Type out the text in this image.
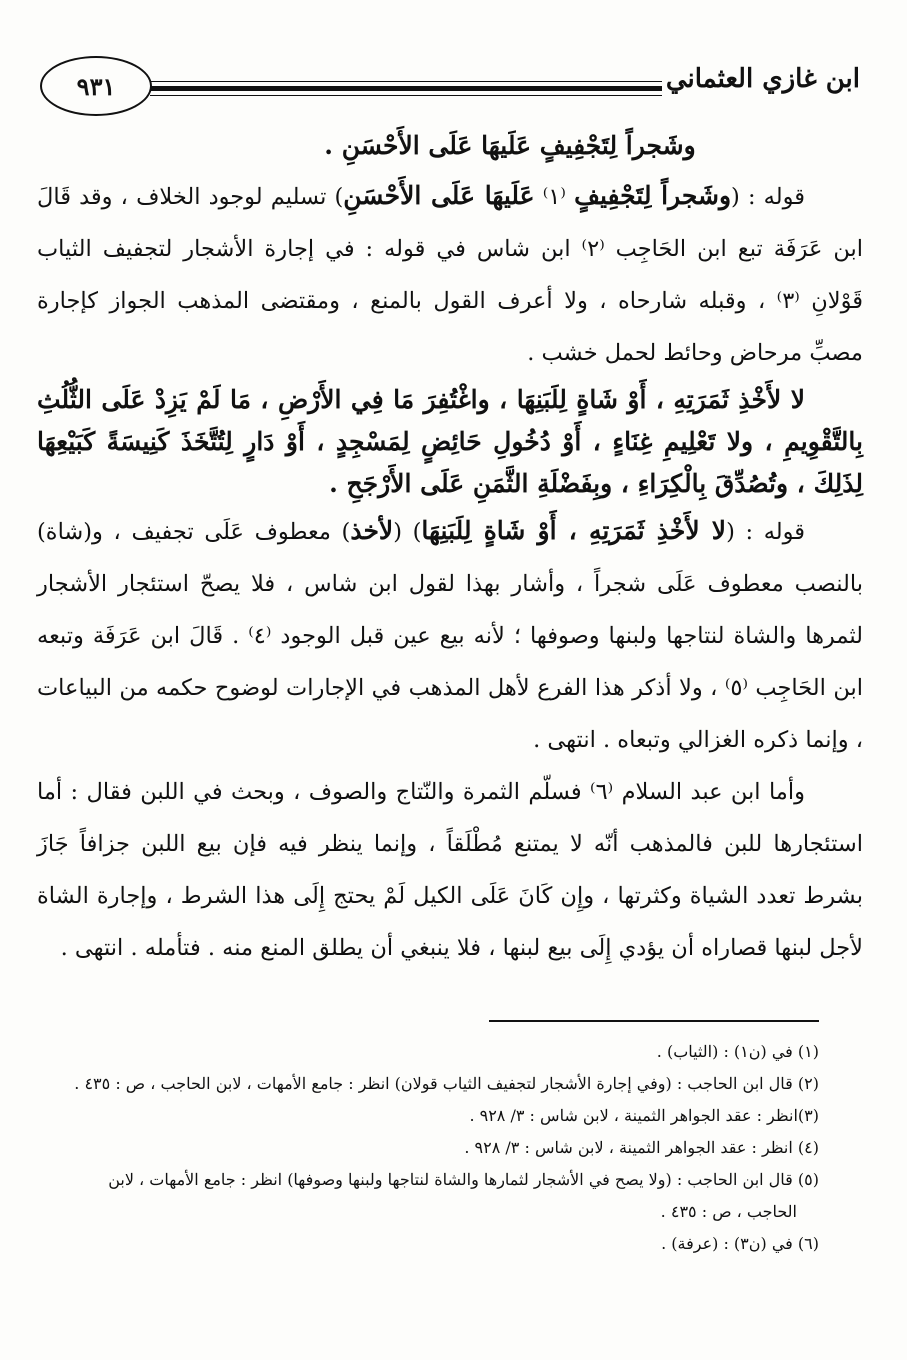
ابن غازي العثماني
٩٣١

وشَجراً لِتَجْفِيفٍ عَلَيهَا عَلَى الأَحْسَنِ .

قوله : (وشَجراً لِتَجْفِيفٍ ⁽١⁾ عَلَيهَا عَلَى الأَحْسَنِ) تسليم لوجود الخلاف ، وقد قَالَ ابن عَرَفَة تبع ابن الحَاجِب ⁽٢⁾ ابن شاس في قوله : في إجارة الأشجار لتجفيف الثياب قَوْلانِ ⁽٣⁾ ، وقبله شارحاه ، ولا أعرف القول بالمنع ، ومقتضى المذهب الجواز كإجارة مصبِّ مرحاض وحائط لحمل خشب .

لا لأَخْذِ ثَمَرَتِهِ ، أَوْ شَاةٍ لِلَبَنِهَا ، واغْتُفِرَ مَا فِي الأَرْضِ ، مَا لَمْ يَزِدْ عَلَى الثُّلُثِ بِالتَّقْوِيمِ ، ولا تَعْلِيمِ غِنَاءٍ ، أَوْ دُخُولِ حَائِضٍ لِمَسْجِدٍ ، أَوْ دَارٍ لِتُتَّخَذَ كَنِيسَةً كَبَيْعِهَا لِذَلِكَ ، وتُصُدِّقَ بِالْكِرَاءِ ، وبِفَضْلَةِ الثَّمَنِ عَلَى الأَرْجَحِ .

قوله : (لا لأَخْذِ ثَمَرَتِهِ ، أَوْ شَاةٍ لِلَبَنِهَا) (لأخذ) معطوف عَلَى تجفيف ، و(شاة) بالنصب معطوف عَلَى شجراً ، وأشار بهذا لقول ابن شاس ، فلا يصحّ استئجار الأشجار لثمرها والشاة لنتاجها ولبنها وصوفها ؛ لأنه بيع عين قبل الوجود ⁽٤⁾ . قَالَ ابن عَرَفَة وتبعه ابن الحَاجِب ⁽٥⁾ ، ولا أذكر هذا الفرع لأهل المذهب في الإجارات لوضوح حكمه من البياعات ، وإنما ذكره الغزالي وتبعاه . انتهى .

وأما ابن عبد السلام ⁽٦⁾ فسلّم الثمرة والنّتاج والصوف ، وبحث في اللبن فقال : أما استئجارها للبن فالمذهب أنّه لا يمتنع مُطْلَقاً ، وإنما ينظر فيه فإن بيع اللبن جزافاً جَازَ بشرط تعدد الشياة وكثرتها ، وإِن كَانَ عَلَى الكيل لَمْ يحتج إِلَى هذا الشرط ، وإجارة الشاة لأجل لبنها قصاراه أن يؤدي إِلَى بيع لبنها ، فلا ينبغي أن يطلق المنع منه . فتأمله . انتهى .

(١) في (ن١) : (الثياب) .

(٢) قال ابن الحاجب : (وفي إجارة الأشجار لتجفيف الثياب قولان) انظر : جامع الأمهات ، لابن الحاجب ، ص : ٤٣٥ .

(٣)انظر : عقد الجواهر الثمينة ، لابن شاس : ٣/ ٩٢٨ .

(٤) انظر : عقد الجواهر الثمينة ، لابن شاس : ٣/ ٩٢٨ .

(٥) قال ابن الحاجب : (ولا يصح في الأشجار لثمارها والشاة لنتاجها ولبنها وصوفها) انظر : جامع الأمهات ، لابن

الحاجب ، ص : ٤٣٥ .

(٦) في (ن٣) : (عرفة) .
